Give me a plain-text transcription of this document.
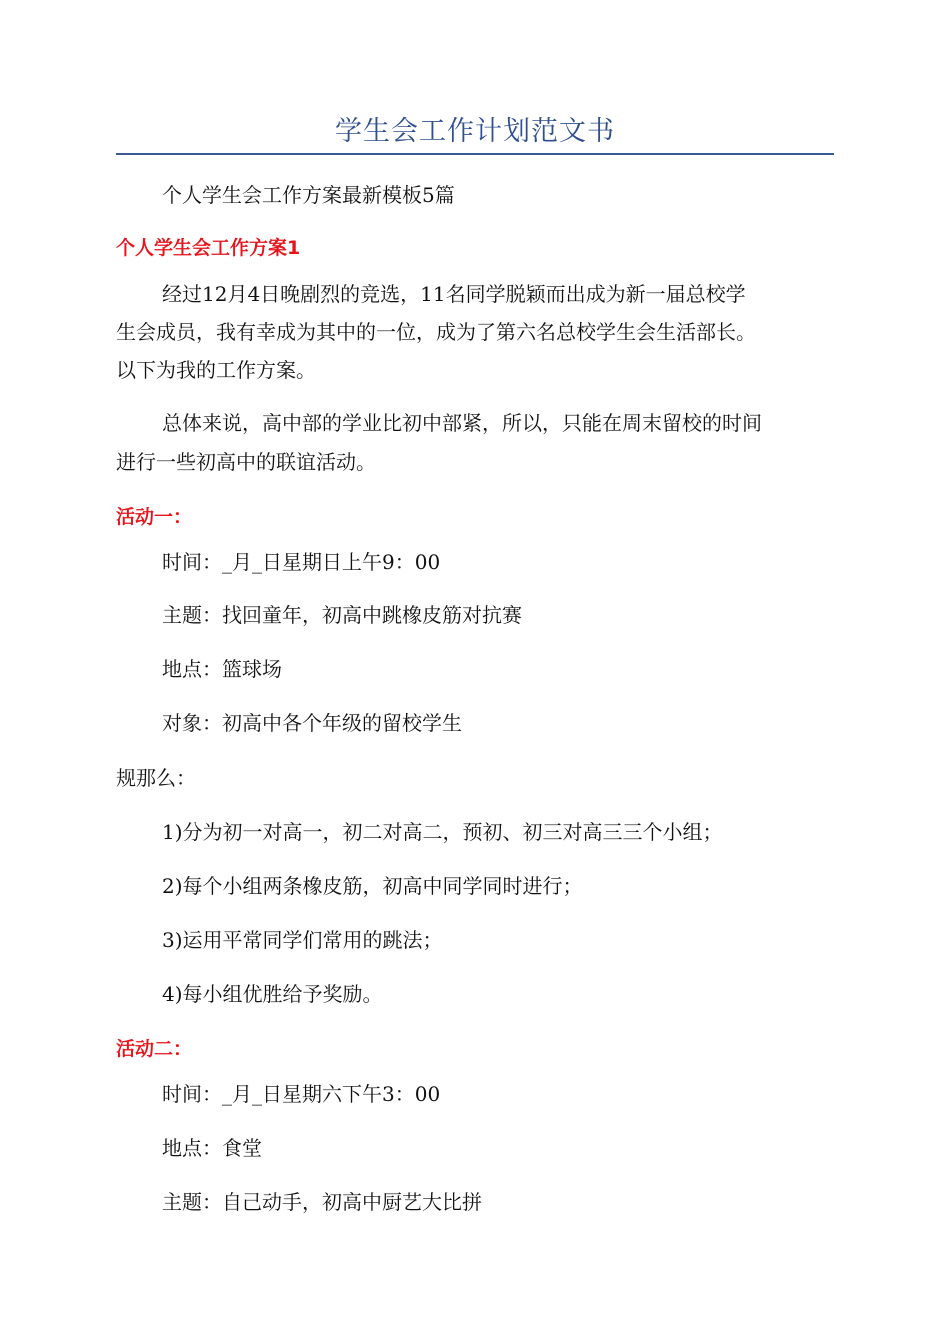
学生会工作计划范文书
个人学生会工作方案最新模板5篇
个人学生会工作方案1
经过12月4日晚剧烈的竞选，11名同学脱颖而出成为新一届总校学
生会成员，我有幸成为其中的一位，成为了第六名总校学生会生活部长。
以下为我的工作方案。
总体来说，高中部的学业比初中部紧，所以，只能在周末留校的时间
进行一些初高中的联谊活动。
活动一：
时间：_月_日星期日上午9：00
主题：找回童年，初高中跳橡皮筋对抗赛
地点：篮球场
对象：初高中各个年级的留校学生
规那么：
1)分为初一对高一，初二对高二，预初、初三对高三三个小组；
2)每个小组两条橡皮筋，初高中同学同时进行；
3)运用平常同学们常用的跳法；
4)每小组优胜给予奖励。
活动二：
时间：_月_日星期六下午3：00
地点：食堂
主题：自己动手，初高中厨艺大比拼
